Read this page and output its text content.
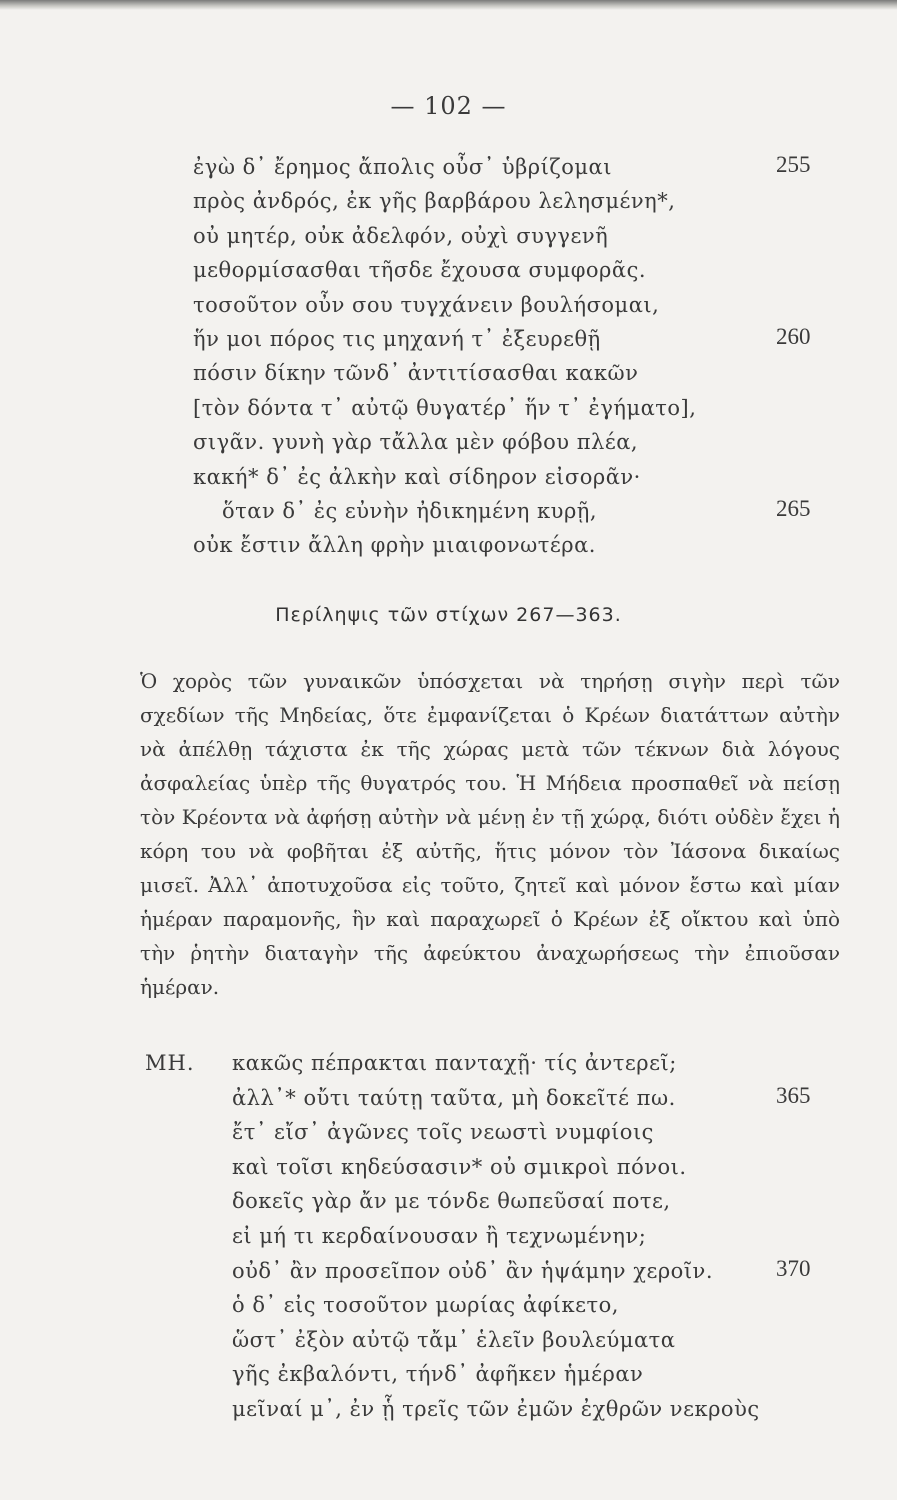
— 102 —
ἐγὼ δ᾽ ἔρημος ἄπολις οὖσ᾽ ὑβρίζομαι	255
πρὸς ἀνδρός, ἐκ γῆς βαρβάρου λελησμένη*,
οὐ μητέρ, οὐκ ἀδελφόν, οὐχὶ συγγενῆ
μεθορμίσασθαι τῆσδε ἔχουσα συμφορᾶς.
τοσοῦτον οὖν σου τυγχάνειν βουλήσομαι,
ἥν μοι πόρος τις μηχανή τ᾽ ἐξευρεθῇ	260
πόσιν δίκην τῶνδ᾽ ἀντιτίσασθαι κακῶν
[τὸν δόντα τ᾽ αὐτῷ θυγατέρ᾽ ἥν τ᾽ ἐγήματο],
σιγᾶν. γυνὴ γὰρ τἄλλα μὲν φόβου πλέα,
κακή* δ᾽ ἐς ἀλκὴν καὶ σίδηρον εἰσορᾶν·
ὅταν δ᾽ ἐς εὐνὴν ἠδικημένη κυρῇ,	265
οὐκ ἔστιν ἄλλη φρὴν μιαιφονωτέρα.
Περίληψις τῶν στίχων 267—363.
Ὁ χορὸς τῶν γυναικῶν ὑπόσχεται νὰ τηρήσῃ σιγὴν περὶ τῶν σχεδίων τῆς Μηδείας, ὅτε ἐμφανίζεται ὁ Κρέων διατάττων αὐτὴν νὰ ἀπέλθῃ τάχιστα ἐκ τῆς χώρας μετὰ τῶν τέκνων διὰ λόγους ἀσφαλείας ὑπὲρ τῆς θυγατρός του. Ἡ Μήδεια προσπαθεῖ νὰ πείσῃ τὸν Κρέοντα νὰ ἀφήσῃ αὐτὴν νὰ μένῃ ἐν τῇ χώρᾳ, διότι οὐδὲν ἔχει ἡ κόρη του νὰ φοβῆται ἐξ αὐτῆς, ἥτις μόνον τὸν Ἰάσονα δικαίως μισεῖ. Ἀλλ᾽ ἀποτυχοῦσα εἰς τοῦτο, ζητεῖ καὶ μόνον ἔστω καὶ μίαν ἡμέραν παραμονῆς, ἣν καὶ παραχωρεῖ ὁ Κρέων ἐξ οἴκτου καὶ ὑπὸ τὴν ῥητὴν διαταγὴν τῆς ἀφεύκτου ἀναχωρήσεως τὴν ἐπιοῦσαν ἡμέραν.
ΜΗ. κακῶς πέπρακται πανταχῇ· τίς ἀντερεῖ;
ἀλλ᾽* οὔτι ταύτῃ ταῦτα, μὴ δοκεῖτέ πω.	365
ἔτ᾽ εἴσ᾽ ἀγῶνες τοῖς νεωστὶ νυμφίοις
καὶ τοῖσι κηδεύσασιν* οὐ σμικροὶ πόνοι.
δοκεῖς γὰρ ἄν με τόνδε θωπεῦσαί ποτε,
εἰ μή τι κερδαίνουσαν ἢ τεχνωμένην;
οὐδ᾽ ἂν προσεῖπον οὐδ᾽ ἂν ἡψάμην χεροῖν.	370
ὁ δ᾽ εἰς τοσοῦτον μωρίας ἀφίκετο,
ὥστ᾽ ἐξὸν αὐτῷ τἄμ᾽ ἑλεῖν βουλεύματα
γῆς ἐκβαλόντι, τήνδ᾽ ἀφῆκεν ἡμέραν
μεῖναί μ᾽, ἐν ᾗ τρεῖς τῶν ἐμῶν ἐχθρῶν νεκροὺς
